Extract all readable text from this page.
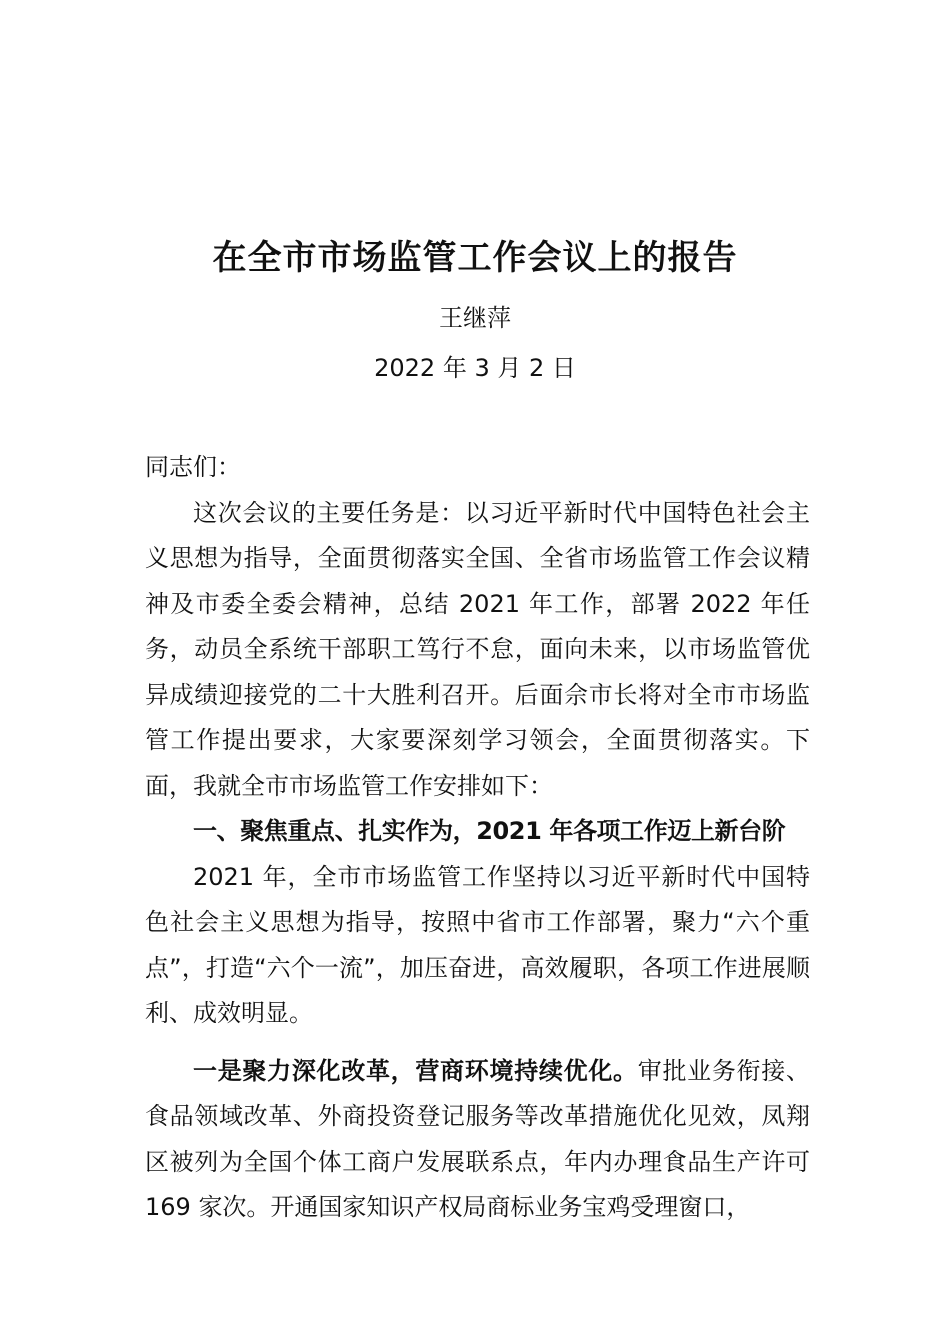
在全市市场监管工作会议上的报告
王继萍
2022 年 3 月 2 日

同志们：

这次会议的主要任务是：以习近平新时代中国特色社会主义思想为指导，全面贯彻落实全国、全省市场监管工作会议精神及市委全委会精神，总结 2021 年工作，部署 2022 年任务，动员全系统干部职工笃行不怠，面向未来，以市场监管优异成绩迎接党的二十大胜利召开。后面佘市长将对全市市场监管工作提出要求，大家要深刻学习领会，全面贯彻落实。下面，我就全市市场监管工作安排如下：

一、聚焦重点、扎实作为，2021 年各项工作迈上新台阶

2021 年，全市市场监管工作坚持以习近平新时代中国特色社会主义思想为指导，按照中省市工作部署，聚力“六个重点”，打造“六个一流”，加压奋进，高效履职，各项工作进展顺利、成效明显。

一是聚力深化改革，营商环境持续优化。审批业务衔接、 食品领域改革、外商投资登记服务等改革措施优化见效，凤翔区被列为全国个体工商户发展联系点，年内办理食品生产许可 169 家次。开通国家知识产权局商标业务宝鸡受理窗口，
